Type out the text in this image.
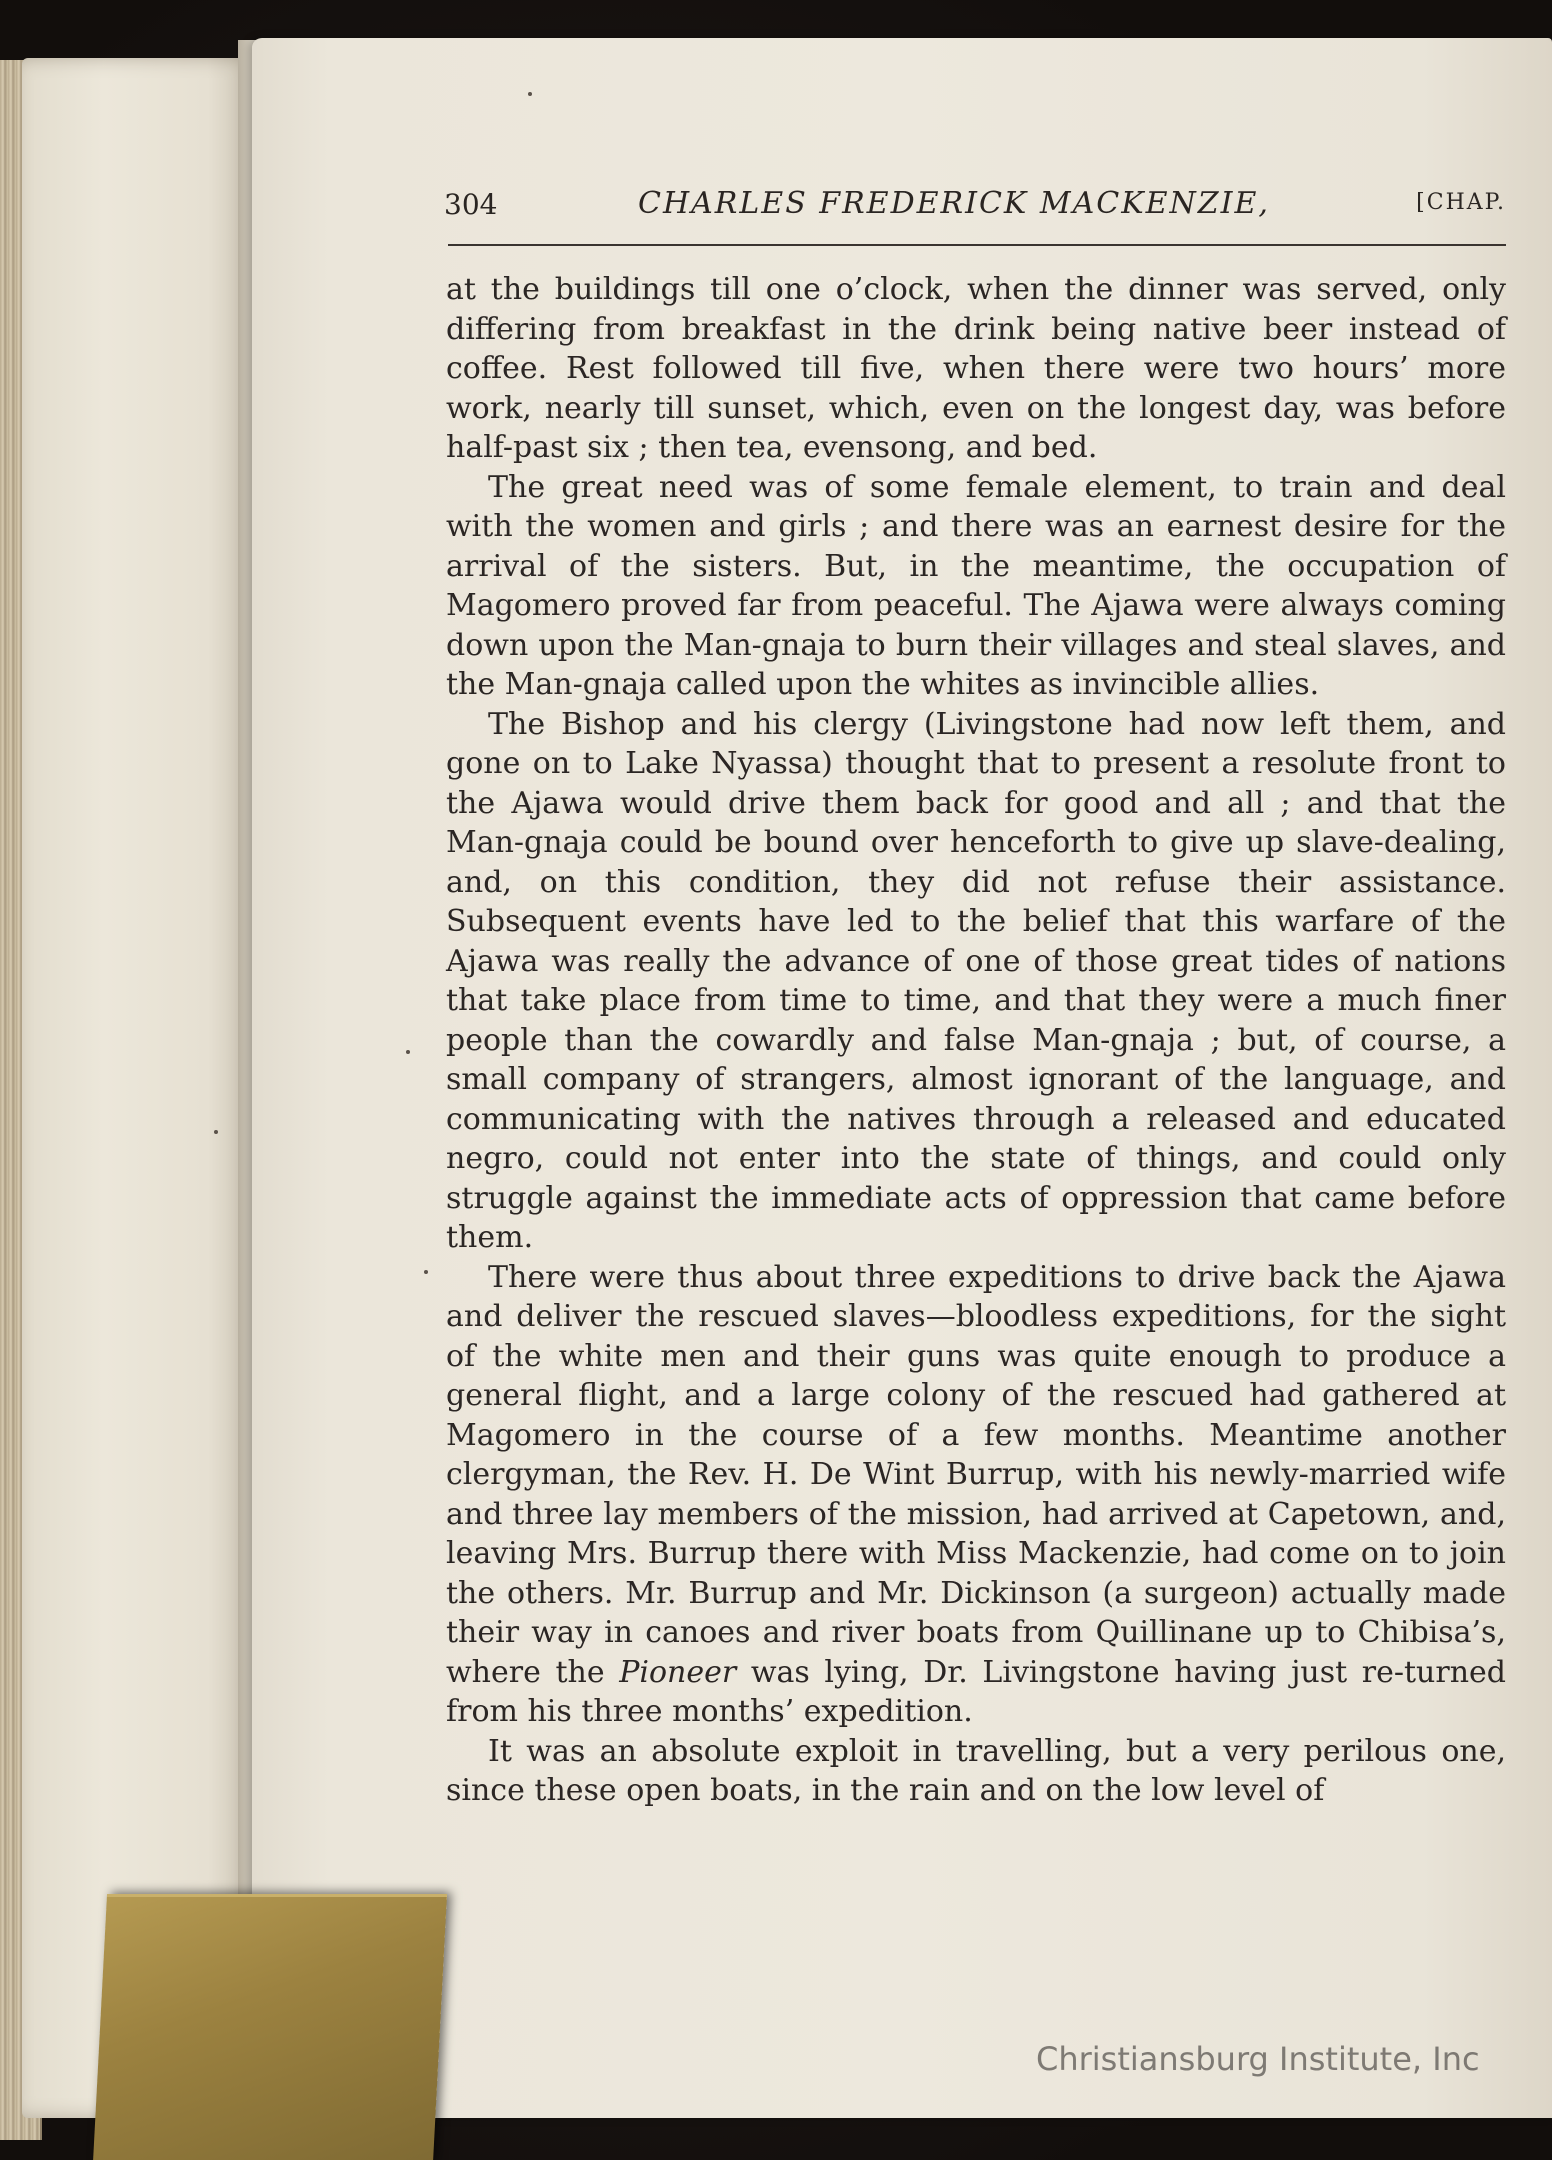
304	CHARLES FREDERICK MACKENZIE,	[CHAP.

at the buildings till one o’clock, when the dinner was served, only differing from breakfast in the drink being native beer instead of coffee. Rest followed till five, when there were two hours’ more work, nearly till sunset, which, even on the longest day, was before half-past six ; then tea, evensong, and bed.

The great need was of some female element, to train and deal with the women and girls ; and there was an earnest desire for the arrival of the sisters. But, in the meantime, the occupation of Magomero proved far from peaceful. The Ajawa were always coming down upon the Man-gnaja to burn their villages and steal slaves, and the Man-gnaja called upon the whites as invincible allies.

The Bishop and his clergy (Livingstone had now left them, and gone on to Lake Nyassa) thought that to present a resolute front to the Ajawa would drive them back for good and all ; and that the Man-gnaja could be bound over henceforth to give up slave-dealing, and, on this condition, they did not refuse their assistance. Subsequent events have led to the belief that this warfare of the Ajawa was really the advance of one of those great tides of nations that take place from time to time, and that they were a much finer people than the cowardly and false Man-gnaja ; but, of course, a small company of strangers, almost ignorant of the language, and communicating with the natives through a released and educated negro, could not enter into the state of things, and could only struggle against the immediate acts of oppression that came before them.

There were thus about three expeditions to drive back the Ajawa and deliver the rescued slaves—bloodless expeditions, for the sight of the white men and their guns was quite enough to produce a general flight, and a large colony of the rescued had gathered at Magomero in the course of a few months. Meantime another clergyman, the Rev. H. De Wint Burrup, with his newly-married wife and three lay members of the mission, had arrived at Capetown, and, leaving Mrs. Burrup there with Miss Mackenzie, had come on to join the others. Mr. Burrup and Mr. Dickinson (a surgeon) actually made their way in canoes and river boats from Quillinane up to Chibisa’s, where the Pioneer was lying, Dr. Livingstone having just re-turned from his three months’ expedition.

It was an absolute exploit in travelling, but a very perilous one, since these open boats, in the rain and on the low level of

Christiansburg Institute, Inc
